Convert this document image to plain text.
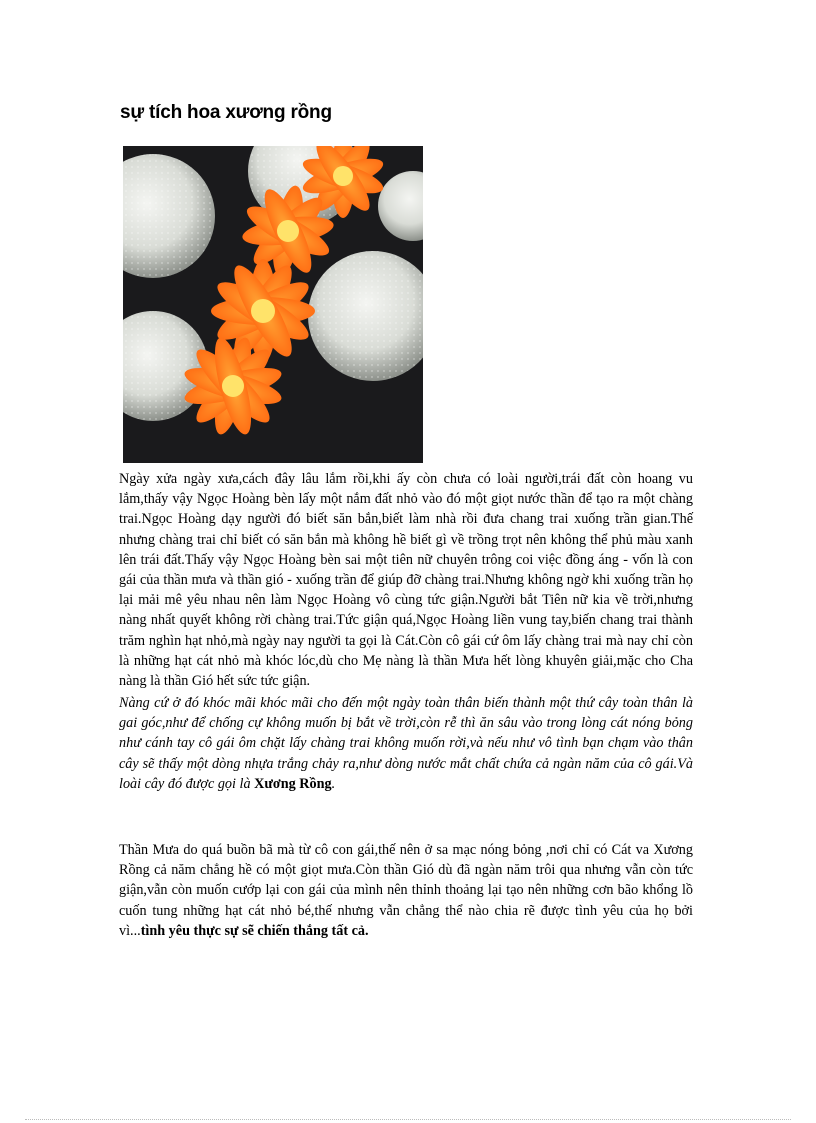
sự tích hoa xương rồng

Ngày xửa ngày xưa,cách đây lâu lắm rồi,khi ấy còn chưa có loài người,trái đất còn hoang vu lắm,thấy vậy Ngọc Hoàng bèn lấy một nắm đất nhỏ vào đó một giọt nước thần để tạo ra một chàng trai.Ngọc Hoàng dạy người đó biết săn bắn,biết làm nhà rồi đưa chang trai xuống trần gian.Thế nhưng chàng trai chỉ biết có săn bắn mà không hề biết gì về trồng trọt nên không thể phủ màu xanh lên trái đất.Thấy vậy Ngọc Hoàng bèn sai một tiên nữ chuyên trông coi việc đồng áng - vốn là con gái của thần mưa và thần gió - xuống trần để giúp đỡ chàng trai.Nhưng không ngờ khi xuống trần họ lại mải mê yêu nhau nên làm Ngọc Hoàng vô cùng tức giận.Người bắt Tiên nữ kia về trời,nhưng nàng nhất quyết không rời chàng trai.Tức giận quá,Ngọc Hoàng liền vung tay,biến chang trai thành trăm nghìn hạt nhỏ,mà ngày nay người ta gọi là Cát.Còn cô gái cứ ôm lấy chàng trai mà nay chỉ còn là những hạt cát nhỏ mà khóc lóc,dù cho Mẹ nàng là thần Mưa hết lòng khuyên giải,mặc cho Cha nàng là thần Gió hết sức tức giận.

Nàng cứ ở đó khóc mãi khóc mãi cho đến một ngày toàn thân biến thành một thứ cây toàn thân là gai góc,như để chống cự không muốn bị bắt về trời,còn rễ thì ăn sâu vào trong lòng cát nóng bỏng như cánh tay cô gái ôm chặt lấy chàng trai không muốn rời,và nếu như vô tình bạn chạm vào thân cây sẽ thấy một dòng nhựa trắng chảy ra,như dòng nước mắt chất chứa cả ngàn năm của cô gái.Và loài cây đó được gọi là Xương Rồng.

Thần Mưa do quá buồn bã mà từ cô con gái,thế nên ở sa mạc nóng bỏng ,nơi chỉ có Cát va Xương Rồng cả năm chẳng hề có một giọt mưa.Còn thần Gió dù đã ngàn năm trôi qua nhưng vẫn còn tức giận,vẫn còn muốn cướp lại con gái của mình nên thỉnh thoảng lại tạo nên những cơn bão khổng lồ cuốn tung những hạt cát nhỏ bé,thế nhưng vẫn chẳng thể nào chia rẽ được tình yêu của họ bởi vì...tình yêu thực sự sẽ chiến thắng tất cả.
